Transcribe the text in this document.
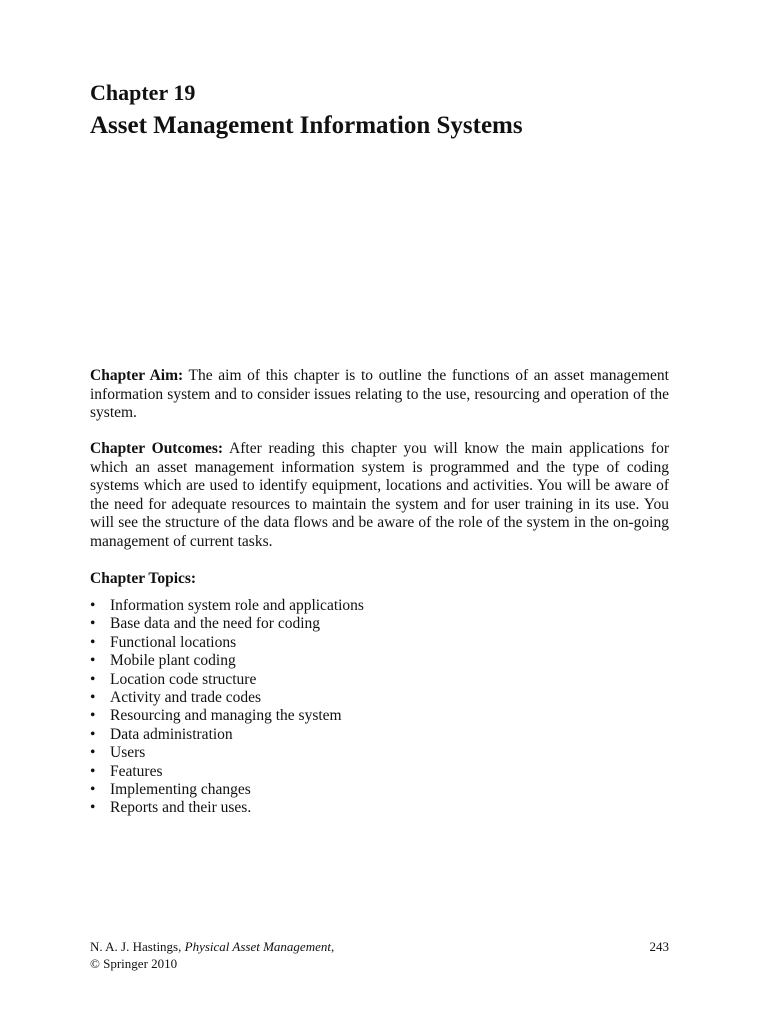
Chapter 19
Asset Management Information Systems

Chapter Aim: The aim of this chapter is to outline the functions of an asset management information system and to consider issues relating to the use, resourcing and operation of the system.

Chapter Outcomes: After reading this chapter you will know the main applications for which an asset management information system is programmed and the type of coding systems which are used to identify equipment, locations and activities. You will be aware of the need for adequate resources to maintain the system and for user training in its use. You will see the structure of the data flows and be aware of the role of the system in the on-going management of current tasks.

Chapter Topics:
• Information system role and applications
• Base data and the need for coding
• Functional locations
• Mobile plant coding
• Location code structure
• Activity and trade codes
• Resourcing and managing the system
• Data administration
• Users
• Features
• Implementing changes
• Reports and their uses.
N. A. J. Hastings, Physical Asset Management,
© Springer 2010
243
